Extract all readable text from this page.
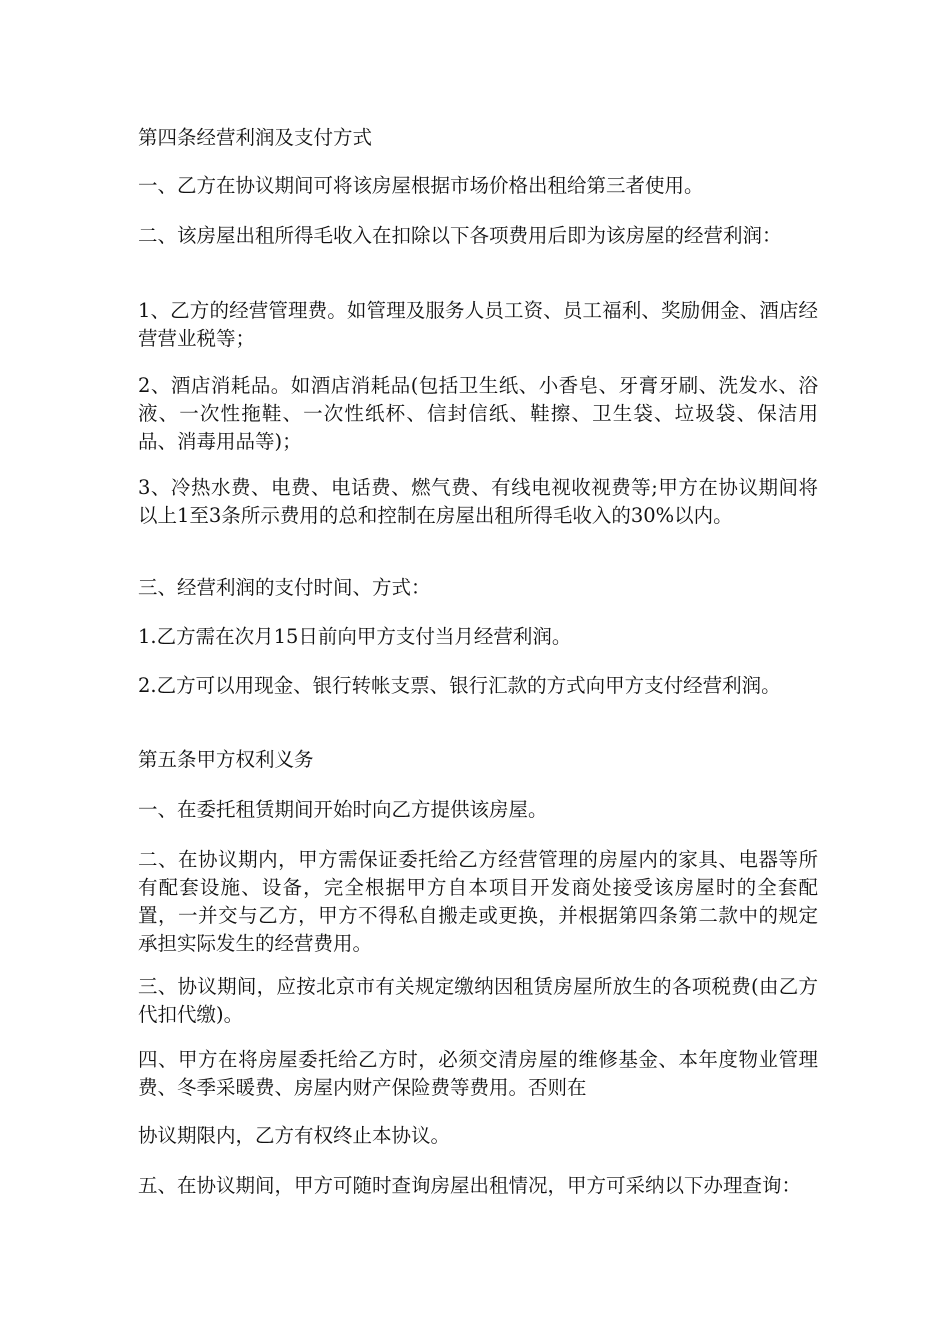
第四条经营利润及支付方式

一、乙方在协议期间可将该房屋根据市场价格出租给第三者使用。

二、该房屋出租所得毛收入在扣除以下各项费用后即为该房屋的经营利润：

1、乙方的经营管理费。如管理及服务人员工资、员工福利、奖励佣金、酒店经营营业税等；

2、酒店消耗品。如酒店消耗品(包括卫生纸、小香皂、牙膏牙刷、洗发水、浴液、一次性拖鞋、一次性纸杯、信封信纸、鞋擦、卫生袋、垃圾袋、保洁用品、消毒用品等)；

3、冷热水费、电费、电话费、燃气费、有线电视收视费等;甲方在协议期间将以上1至3条所示费用的总和控制在房屋出租所得毛收入的30%以内。

三、经营利润的支付时间、方式：

1.乙方需在次月15日前向甲方支付当月经营利润。

2.乙方可以用现金、银行转帐支票、银行汇款的方式向甲方支付经营利润。

第五条甲方权利义务

一、在委托租赁期间开始时向乙方提供该房屋。

二、在协议期内，甲方需保证委托给乙方经营管理的房屋内的家具、电器等所有配套设施、设备，完全根据甲方自本项目开发商处接受该房屋时的全套配置，一并交与乙方，甲方不得私自搬走或更换，并根据第四条第二款中的规定承担实际发生的经营费用。

三、协议期间，应按北京市有关规定缴纳因租赁房屋所放生的各项税费(由乙方代扣代缴)。

四、甲方在将房屋委托给乙方时，必须交清房屋的维修基金、本年度物业管理费、冬季采暖费、房屋内财产保险费等费用。否则在

协议期限内，乙方有权终止本协议。

五、在协议期间，甲方可随时查询房屋出租情况，甲方可采纳以下办理查询：
